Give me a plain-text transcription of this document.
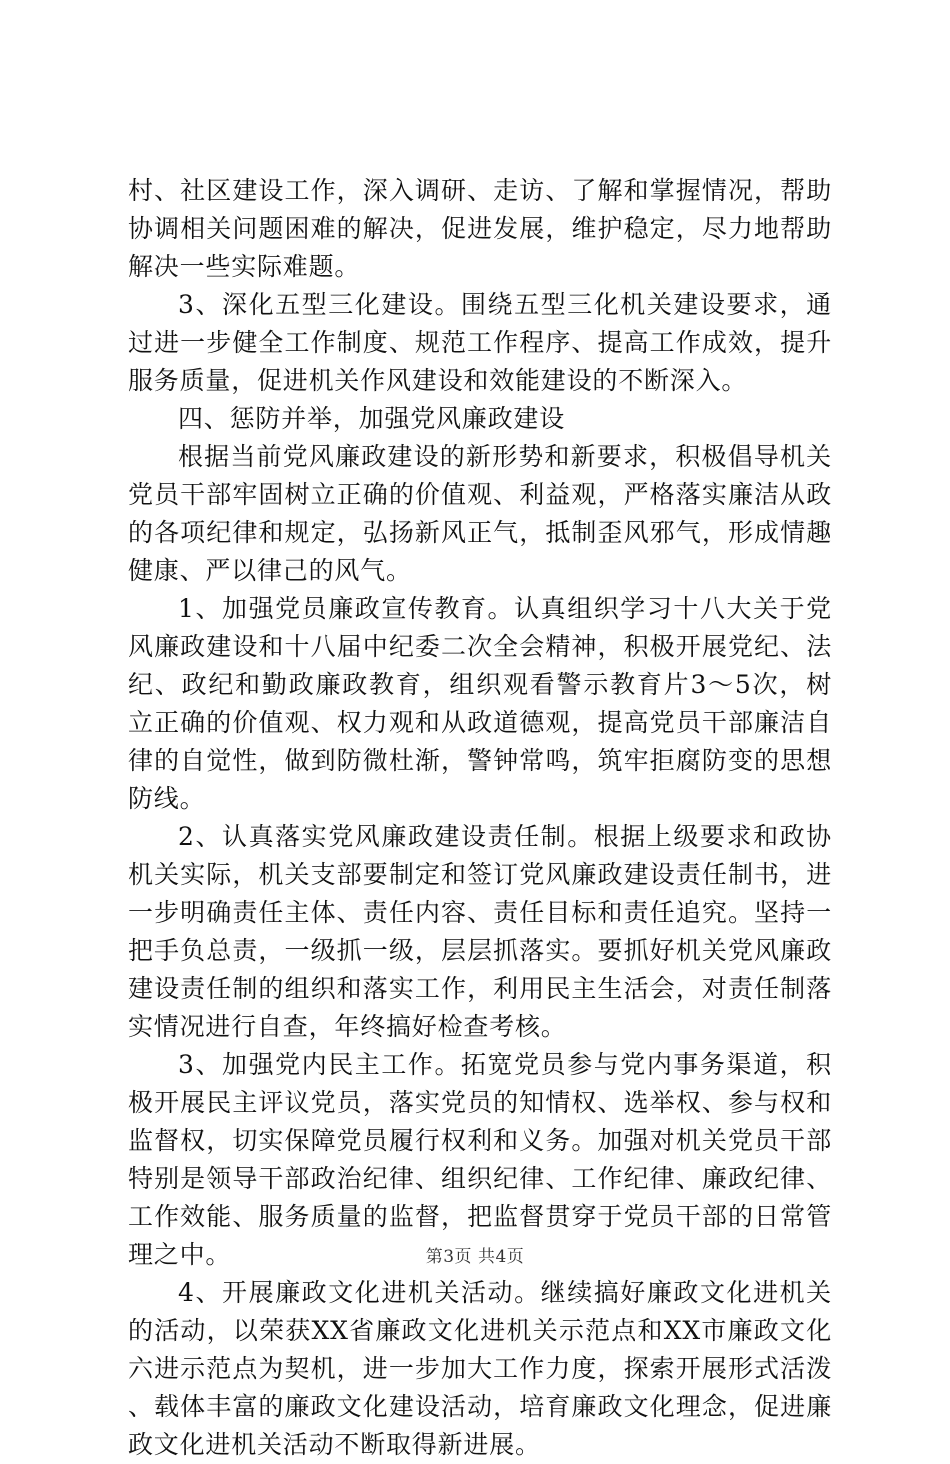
村、社区建设工作，深入调研、走访、了解和掌握情况，帮助协调相关问题困难的解决，促进发展，维护稳定，尽力地帮助解决一些实际难题。

3、深化五型三化建设。围绕五型三化机关建设要求，通过进一步健全工作制度、规范工作程序、提高工作成效，提升服务质量，促进机关作风建设和效能建设的不断深入。

四、惩防并举，加强党风廉政建设

根据当前党风廉政建设的新形势和新要求，积极倡导机关党员干部牢固树立正确的价值观、利益观，严格落实廉洁从政的各项纪律和规定，弘扬新风正气，抵制歪风邪气，形成情趣健康、严以律己的风气。

1、加强党员廉政宣传教育。认真组织学习十八大关于党风廉政建设和十八届中纪委二次全会精神，积极开展党纪、法纪、政纪和勤政廉政教育，组织观看警示教育片3～5次，树立正确的价值观、权力观和从政道德观，提高党员干部廉洁自律的自觉性，做到防微杜渐，警钟常鸣，筑牢拒腐防变的思想防线。

2、认真落实党风廉政建设责任制。根据上级要求和政协机关实际，机关支部要制定和签订党风廉政建设责任制书，进一步明确责任主体、责任内容、责任目标和责任追究。坚持一把手负总责，一级抓一级，层层抓落实。要抓好机关党风廉政建设责任制的组织和落实工作，利用民主生活会，对责任制落实情况进行自查，年终搞好检查考核。

3、加强党内民主工作。拓宽党员参与党内事务渠道，积极开展民主评议党员，落实党员的知情权、选举权、参与权和监督权，切实保障党员履行权利和义务。加强对机关党员干部特别是领导干部政治纪律、组织纪律、工作纪律、廉政纪律、工作效能、服务质量的监督，把监督贯穿于党员干部的日常管理之中。

4、开展廉政文化进机关活动。继续搞好廉政文化进机关的活动，以荣获XX省廉政文化进机关示范点和XX市廉政文化六进示范点为契机，进一步加大工作力度，探索开展形式活泼、载体丰富的廉政文化建设活动，培育廉政文化理念，促进廉政文化进机关活动不断取得新进展。

第3页 共4页
